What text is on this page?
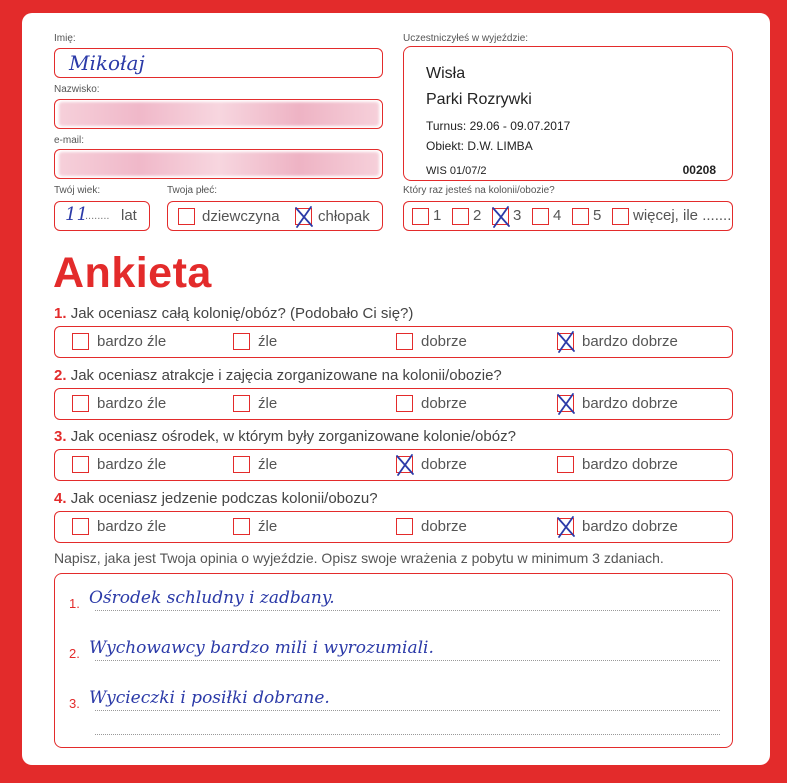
Imię:
Mikołaj
Nazwisko:
e-mail:
Twój wiek:
11
........ lat
Twoja płeć:
dziewczyna	chłopak
Uczestniczyłeś w wyjeździe:
Wisła
Parki Rozrywki
Turnus: 29.06 - 09.07.2017
Obiekt: D.W. LIMBA
WIS 01/07/2	00208
Który raz jesteś na kolonii/obozie?
1 2 3 4 5 więcej, ile .......
Ankieta
1. Jak oceniasz całą kolonię/obóz? (Podobało Ci się?)
bardzo źle	źle	dobrze	bardzo dobrze
2. Jak oceniasz atrakcje i zajęcia zorganizowane na kolonii/obozie?
bardzo źle	źle	dobrze	bardzo dobrze
3. Jak oceniasz ośrodek, w którym były zorganizowane kolonie/obóz?
bardzo źle	źle	dobrze	bardzo dobrze
4. Jak oceniasz jedzenie podczas kolonii/obozu?
bardzo źle	źle	dobrze	bardzo dobrze
Napisz, jaka jest Twoja opinia o wyjeździe. Opisz swoje wrażenia z pobytu w minimum 3 zdaniach.
1. Ośrodek schludny i zadbany.
2. Wychowawcy bardzo mili i wyrozumiali.
3. Wycieczki i posiłki dobrane.
